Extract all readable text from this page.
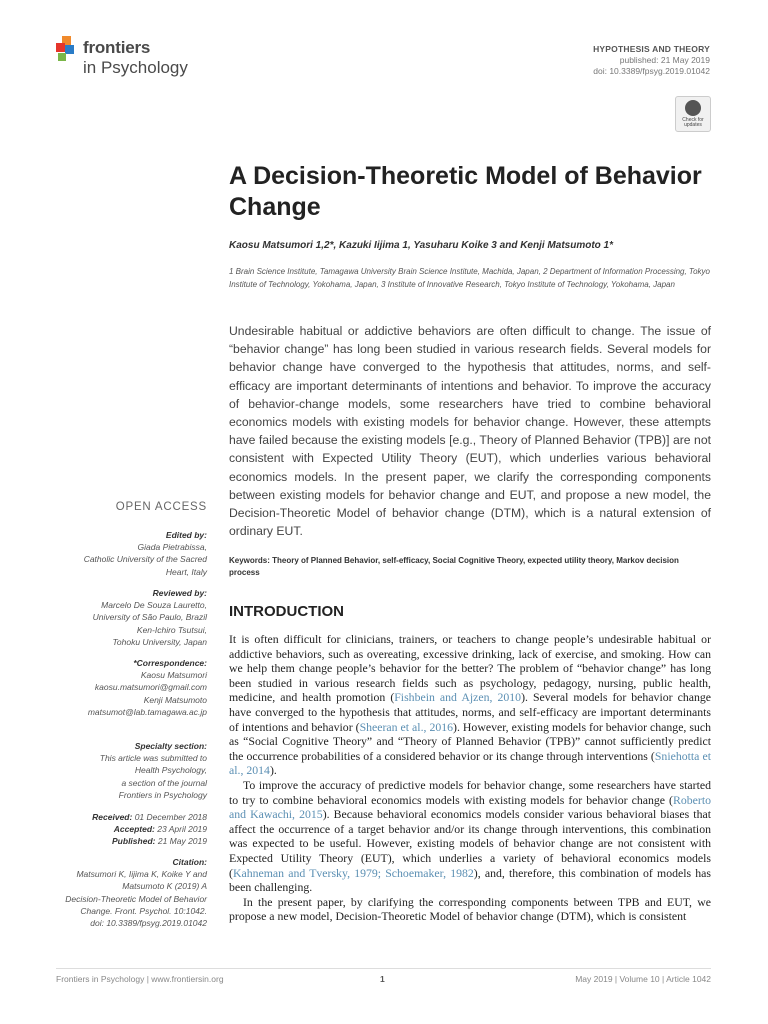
frontiers
in Psychology
HYPOTHESIS AND THEORY
published: 21 May 2019
doi: 10.3389/fpsyg.2019.01042
Check for updates
A Decision-Theoretic Model of Behavior Change
Kaosu Matsumori 1,2*, Kazuki Iijima 1, Yasuharu Koike 3 and Kenji Matsumoto 1*
1 Brain Science Institute, Tamagawa University Brain Science Institute, Machida, Japan, 2 Department of Information Processing, Tokyo Institute of Technology, Yokohama, Japan, 3 Institute of Innovative Research, Tokyo Institute of Technology, Yokohama, Japan
Undesirable habitual or addictive behaviors are often difficult to change. The issue of “behavior change” has long been studied in various research fields. Several models for behavior change have converged to the hypothesis that attitudes, norms, and self-efficacy are important determinants of intentions and behavior. To improve the accuracy of behavior-change models, some researchers have tried to combine behavioral economics models with existing models for behavior change. However, these attempts have failed because the existing models [e.g., Theory of Planned Behavior (TPB)] are not consistent with Expected Utility Theory (EUT), which underlies various behavioral economics models. In the present paper, we clarify the corresponding components between existing models for behavior change and EUT, and propose a new model, the Decision-Theoretic Model of behavior change (DTM), which is a natural extension of ordinary EUT.
Keywords: Theory of Planned Behavior, self-efficacy, Social Cognitive Theory, expected utility theory, Markov decision process
INTRODUCTION

It is often difficult for clinicians, trainers, or teachers to change people’s undesirable habitual or addictive behaviors, such as overeating, excessive drinking, lack of exercise, and smoking. How can we help them change people’s behavior for the better? The problem of “behavior change” has long been studied in various research fields such as psychology, pedagogy, nursing, public health, medicine, and health promotion (Fishbein and Ajzen, 2010). Several models for behavior change have converged to the hypothesis that attitudes, norms, and self-efficacy are important determinants of intentions and behavior (Sheeran et al., 2016). However, existing models for behavior change, such as “Social Cognitive Theory” and “Theory of Planned Behavior (TPB)” cannot sufficiently predict the occurrence probabilities of a considered behavior or its change through interventions (Sniehotta et al., 2014).

To improve the accuracy of predictive models for behavior change, some researchers have started to try to combine behavioral economics models with existing models for behavior change (Roberto and Kawachi, 2015). Because behavioral economics models consider various behavioral biases that affect the occurrence of a target behavior and/or its change through interventions, this combination was expected to be useful. However, existing models of behavior change are not consistent with Expected Utility Theory (EUT), which underlies a variety of behavioral economics models (Kahneman and Tversky, 1979; Schoemaker, 1982), and, therefore, this combination of models has been challenging.

In the present paper, by clarifying the corresponding components between TPB and EUT, we propose a new model, Decision-Theoretic Model of behavior change (DTM), which is consistent

OPEN ACCESS
Edited by:
Giada Pietrabissa,
Catholic University of the Sacred
Heart, Italy
Reviewed by:
Marcelo De Souza Lauretto,
University of São Paulo, Brazil
Ken-Ichiro Tsutsui,
Tohoku University, Japan
*Correspondence:
Kaosu Matsumori
kaosu.matsumori@gmail.com
Kenji Matsumoto
matsumot@lab.tamagawa.ac.jp
Specialty section:
This article was submitted to
Health Psychology,
a section of the journal
Frontiers in Psychology
Received: 01 December 2018
Accepted: 23 April 2019
Published: 21 May 2019
Citation:
Matsumori K, Iijima K, Koike Y and
Matsumoto K (2019) A
Decision-Theoretic Model of Behavior
Change. Front. Psychol. 10:1042.
doi: 10.3389/fpsyg.2019.01042
Frontiers in Psychology | www.frontiersin.org	1	May 2019 | Volume 10 | Article 1042
